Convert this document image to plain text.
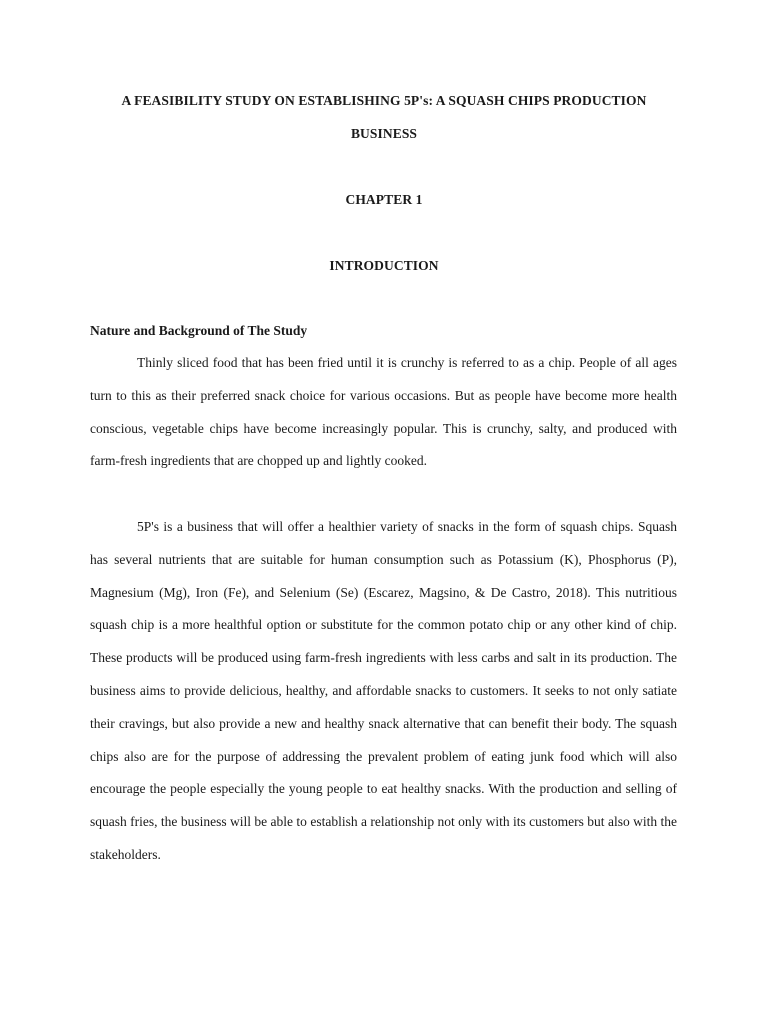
A FEASIBILITY STUDY ON ESTABLISHING 5P's: A SQUASH CHIPS PRODUCTION
BUSINESS
CHAPTER 1
INTRODUCTION
Nature and Background of The Study

Thinly sliced food that has been fried until it is crunchy is referred to as a chip. People of all ages turn to this as their preferred snack choice for various occasions. But as people have become more health conscious, vegetable chips have become increasingly popular. This is crunchy, salty, and produced with farm-fresh ingredients that are chopped up and lightly cooked.

5P's is a business that will offer a healthier variety of snacks in the form of squash chips. Squash has several nutrients that are suitable for human consumption such as Potassium (K), Phosphorus (P), Magnesium (Mg), Iron (Fe), and Selenium (Se) (Escarez, Magsino, & De Castro, 2018). This nutritious squash chip is a more healthful option or substitute for the common potato chip or any other kind of chip. These products will be produced using farm-fresh ingredients with less carbs and salt in its production. The business aims to provide delicious, healthy, and affordable snacks to customers. It seeks to not only satiate their cravings, but also provide a new and healthy snack alternative that can benefit their body. The squash chips also are for the purpose of addressing the prevalent problem of eating junk food which will also encourage the people especially the young people to eat healthy snacks. With the production and selling of squash fries, the business will be able to establish a relationship not only with its customers but also with the stakeholders.
